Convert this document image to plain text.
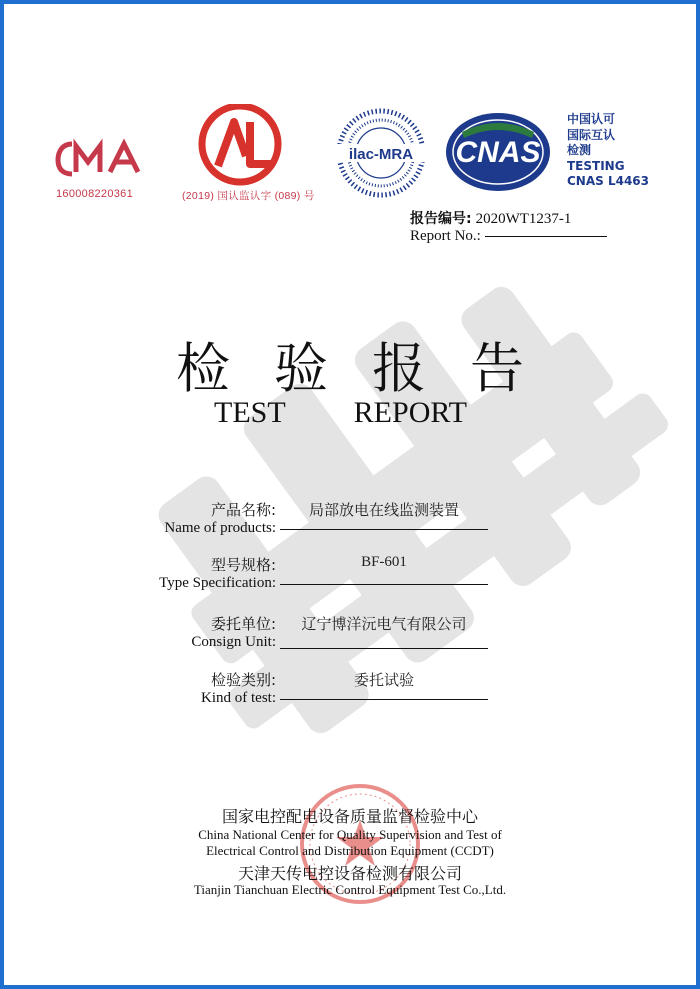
MA
160008220361
AL
(2019) 国认监认字 (089) 号
ilac-MRA CNAS
中国认可
国际互认
检测
TESTING
CNAS L4463
报告编号: 2020WT1237-1
Report No.:
检验报告
TEST REPORT
产品名称:	局部放电在线监测装置
Name of products:
型号规格:	BF-601
Type Specification:
委托单位:	辽宁博洋沅电气有限公司
Consign Unit:
检验类别:	委托试验
Kind of test:
国家电控配电设备质量监督检验中心
China National Center for Quality Supervision and Test of
Electrical Control and Distribution Equipment (CCDT)
天津天传电控设备检测有限公司
Tianjin Tianchuan Electric Control Equipment Test Co.,Ltd.
